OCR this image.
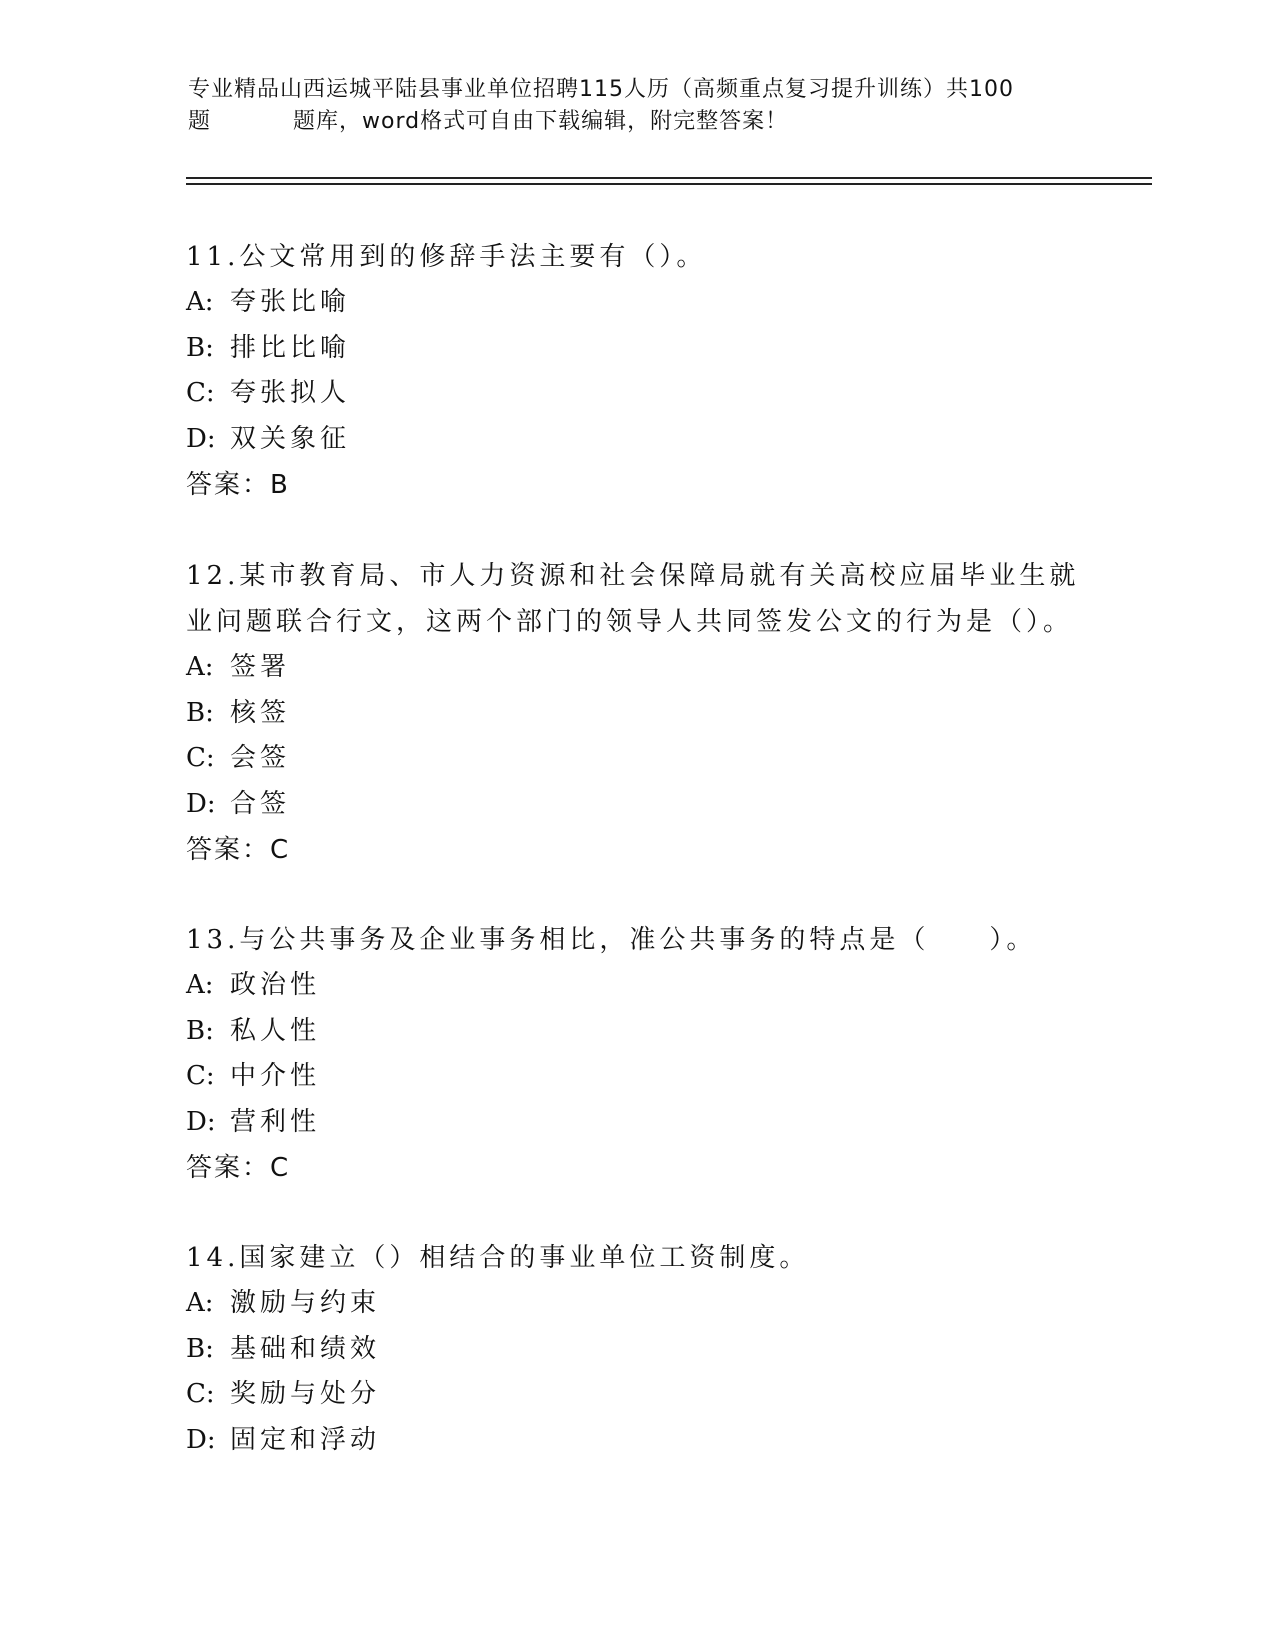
专业精品山西运城平陆县事业单位招聘115人历（高频重点复习提升训练）共100
题	题库，word格式可自由下载编辑，附完整答案！
11.公文常用到的修辞手法主要有（）。
A: 夸张比喻
B: 排比比喻
C: 夸张拟人
D: 双关象征
答案：B
12.某市教育局、市人力资源和社会保障局就有关高校应届毕业生就业问题联合行文，这两个部门的领导人共同签发公文的行为是（）。
A: 签署
B: 核签
C: 会签
D: 合签
答案：C
13.与公共事务及企业事务相比，准公共事务的特点是（　　）。
A: 政治性
B: 私人性
C: 中介性
D: 营利性
答案：C
14.国家建立（）相结合的事业单位工资制度。
A: 激励与约束
B: 基础和绩效
C: 奖励与处分
D: 固定和浮动
